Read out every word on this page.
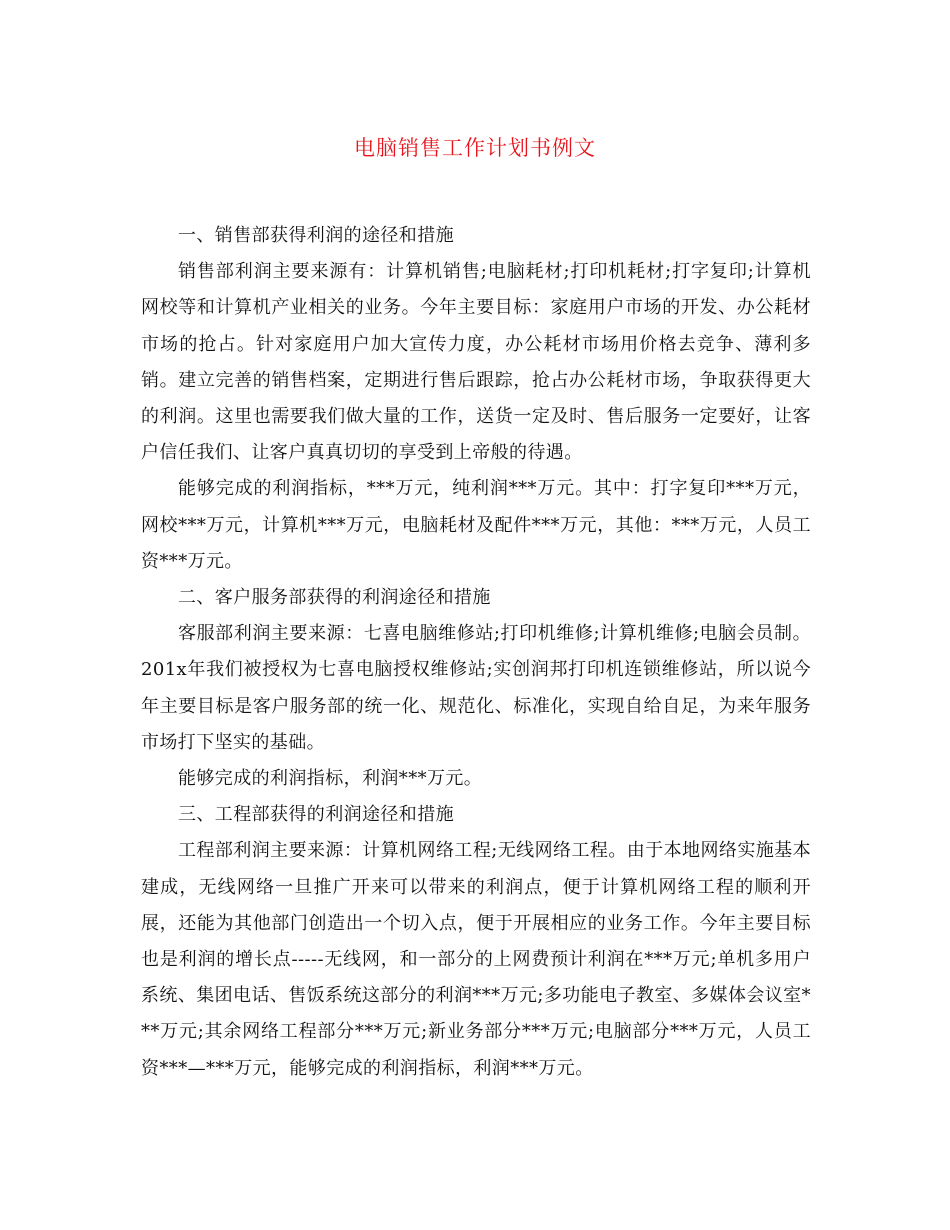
电脑销售工作计划书例文

一、销售部获得利润的途径和措施

销售部利润主要来源有：计算机销售;电脑耗材;打印机耗材;打字复印;计算机网校等和计算机产业相关的业务。今年主要目标：家庭用户市场的开发、办公耗材市场的抢占。针对家庭用户加大宣传力度，办公耗材市场用价格去竞争、薄利多销。建立完善的销售档案，定期进行售后跟踪，抢占办公耗材市场，争取获得更大的利润。这里也需要我们做大量的工作，送货一定及时、售后服务一定要好，让客户信任我们、让客户真真切切的享受到上帝般的待遇。

能够完成的利润指标，***万元，纯利润***万元。其中：打字复印***万元，网校***万元，计算机***万元，电脑耗材及配件***万元，其他：***万元，人员工资***万元。

二、客户服务部获得的利润途径和措施

客服部利润主要来源：七喜电脑维修站;打印机维修;计算机维修;电脑会员制。201x年我们被授权为七喜电脑授权维修站;实创润邦打印机连锁维修站，所以说今年主要目标是客户服务部的统一化、规范化、标准化，实现自给自足，为来年服务市场打下坚实的基础。

能够完成的利润指标，利润***万元。

三、工程部获得的利润途径和措施

工程部利润主要来源：计算机网络工程;无线网络工程。由于本地网络实施基本建成，无线网络一旦推广开来可以带来的利润点，便于计算机网络工程的顺利开展，还能为其他部门创造出一个切入点，便于开展相应的业务工作。今年主要目标也是利润的增长点-----无线网，和一部分的上网费预计利润在***万元;单机多用户系统、集团电话、售饭系统这部分的利润***万元;多功能电子教室、多媒体会议室***万元;其余网络工程部分***万元;新业务部分***万元;电脑部分***万元，人员工资***—***万元，能够完成的利润指标，利润***万元。
